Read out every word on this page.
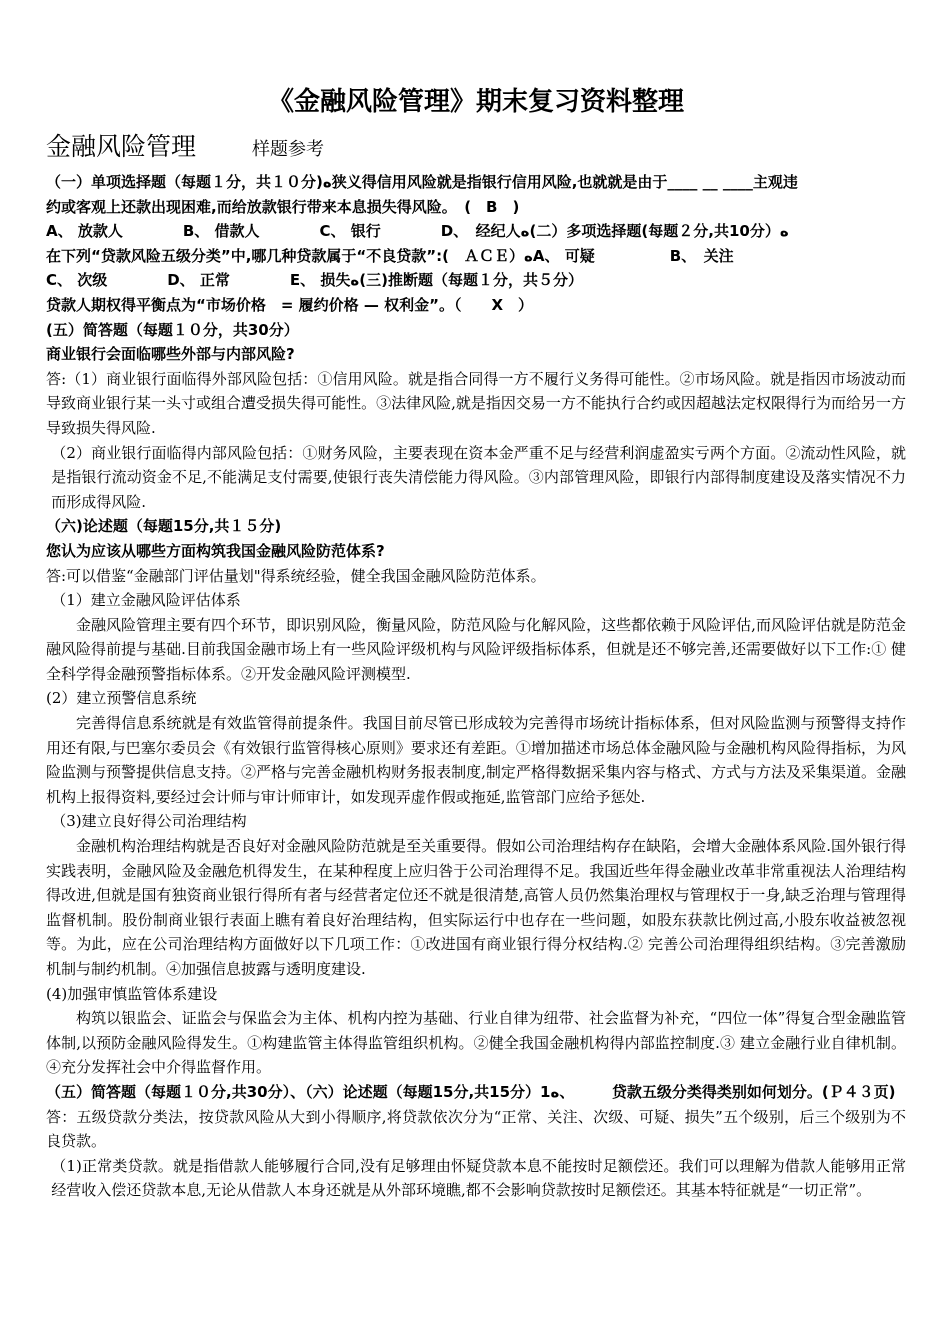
《金融风险管理》期末复习资料整理
金融风险管理	样题参考

（一）单项选择题（每题１分，共１０分)ﻩ狭义得信用风险就是指银行信用风险,也就就是由于____ __ ____主观违

约或客观上还款出现困难,而给放款银行带来本息损失得风险。　(　B　)

A、 放款人　　　　B、 借款人　　　　C、 银行　　　　D、　经纪人ﻩ(二）多项选择题(每题２分,共10分）ﻩ

在下列“贷款风险五级分类”中,哪几种贷款属于“不良贷款”:(　ＡＣＥ）ﻩA、 可疑　　　　　B、　关注

C、 次级　　　　D、 正常　　　　E、 损失ﻩ(三)推断题（每题１分，共５分）

贷款人期权得平衡点为“市场价格　= 履约价格 — 权利金”。（　　X　）

(五）简答题（每题１０分，共30分）

商业银行会面临哪些外部与内部风险?

答:（1）商业银行面临得外部风险包括：①信用风险。就是指合同得一方不履行义务得可能性。②市场风险。就是指因市场波动而导致商业银行某一头寸或组合遭受损失得可能性。③法律风险,就是指因交易一方不能执行合约或因超越法定权限得行为而给另一方导致损失得风险.

（2）商业银行面临得内部风险包括：①财务风险，主要表现在资本金严重不足与经营利润虚盈实亏两个方面。②流动性风险，就是指银行流动资金不足,不能满足支付需要,使银行丧失清偿能力得风险。③内部管理风险，即银行内部得制度建设及落实情况不力而形成得风险.

（六)论述题（每题15分,共１５分)

您认为应该从哪些方面构筑我国金融风险防范体系?

答:可以借鉴“金融部门评估量划"得系统经验，健全我国金融风险防范体系。

（1）建立金融风险评估体系

金融风险管理主要有四个环节，即识别风险，衡量风险，防范风险与化解风险，这些都依赖于风险评估,而风险评估就是防范金融风险得前提与基础.目前我国金融市场上有一些风险评级机构与风险评级指标体系，但就是还不够完善,还需要做好以下工作:① 健全科学得金融预警指标体系。②开发金融风险评测模型.

(2）建立预警信息系统

完善得信息系统就是有效监管得前提条件。我国目前尽管已形成较为完善得市场统计指标体系，但对风险监测与预警得支持作用还有限,与巴塞尔委员会《有效银行监管得核心原则》要求还有差距。①增加描述市场总体金融风险与金融机构风险得指标，为风险监测与预警提供信息支持。②严格与完善金融机构财务报表制度,制定严格得数据采集内容与格式、方式与方法及采集渠道。金融机构上报得资料,要经过会计师与审计师审计，如发现弄虚作假或拖延,监管部门应给予惩处.

（3)建立良好得公司治理结构

金融机构治理结构就是否良好对金融风险防范就是至关重要得。假如公司治理结构存在缺陷，会增大金融体系风险.国外银行得实践表明，金融风险及金融危机得发生，在某种程度上应归咎于公司治理得不足。我国近些年得金融业改革非常重视法人治理结构得改进,但就是国有独资商业银行得所有者与经营者定位还不就是很清楚,高管人员仍然集治理权与管理权于一身,缺乏治理与管理得监督机制。股份制商业银行表面上瞧有着良好治理结构，但实际运行中也存在一些问题，如股东获款比例过高,小股东收益被忽视等。为此，应在公司治理结构方面做好以下几项工作：①改进国有商业银行得分权结构.② 完善公司治理得组织结构。③完善激励机制与制约机制。④加强信息披露与透明度建设.

(4)加强审慎监管体系建设

构筑以银监会、证监会与保监会为主体、机构内控为基础、行业自律为纽带、社会监督为补充，“四位一体”得复合型金融监管体制,以预防金融风险得发生。①构建监管主体得监管组织机构。②健全我国金融机构得内部监控制度.③ 建立金融行业自律机制。④充分发挥社会中介得监督作用。

（五）简答题（每题１０分,共30分）、（六）论述题（每题15分,共15分）1ﻩ、　　　贷款五级分类得类别如何划分。(Ｐ４３页)

答：五级贷款分类法，按贷款风险从大到小得顺序,将贷款依次分为“正常、关注、次级、可疑、损失”五个级别，后三个级别为不良贷款。

（1)正常类贷款。就是指借款人能够履行合同,没有足够理由怀疑贷款本息不能按时足额偿还。我们可以理解为借款人能够用正常经营收入偿还贷款本息,无论从借款人本身还就是从外部环境瞧,都不会影响贷款按时足额偿还。其基本特征就是“一切正常”。
